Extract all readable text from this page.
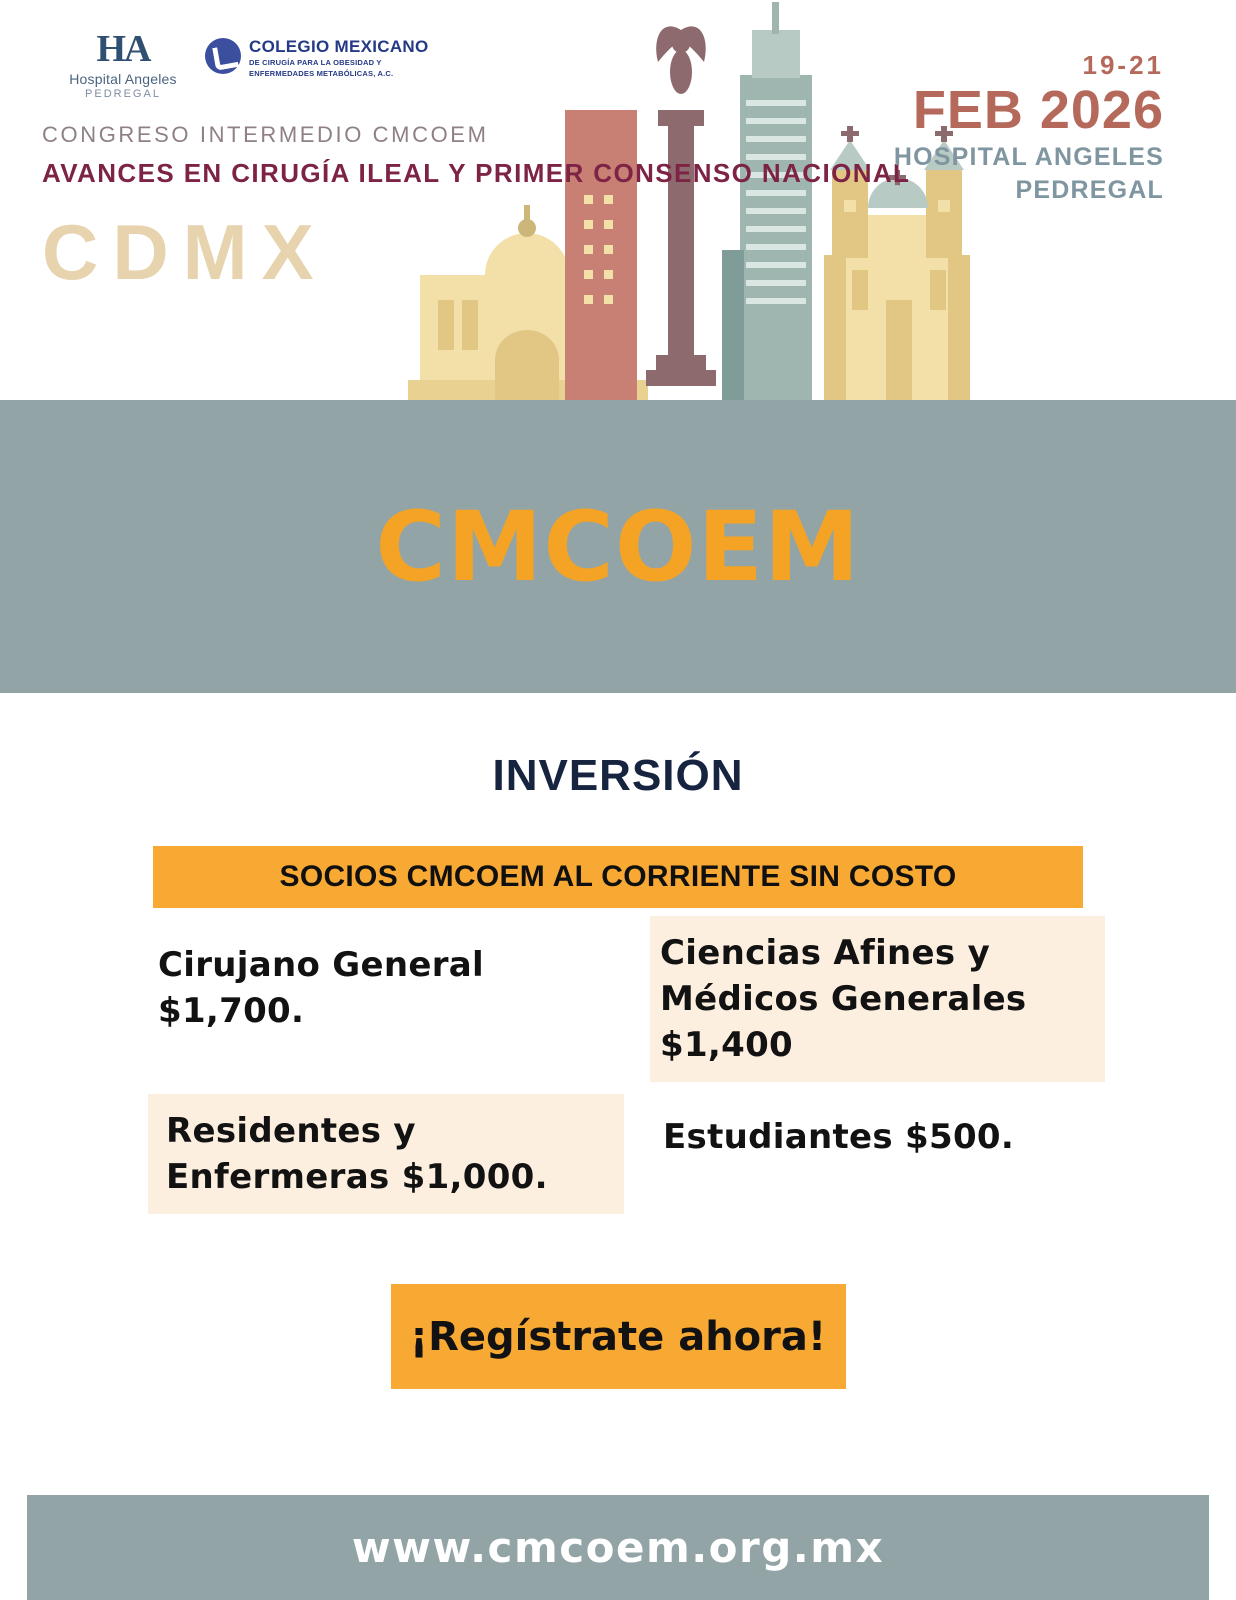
HA
Hospital Angeles
PEDREGAL
COLEGIO MEXICANO
DE CIRUGÍA PARA LA OBESIDAD Y
ENFERMEDADES METABÓLICAS, A.C.
CONGRESO INTERMEDIO CMCOEM
AVANCES EN CIRUGÍA ILEAL Y PRIMER CONSENSO NACIONAL
CDMX
19-21
FEB 2026
HOSPITAL ANGELES
PEDREGAL
CMCOEM
INVERSIÓN
SOCIOS CMCOEM AL CORRIENTE SIN COSTO
Cirujano General $1,700.
Ciencias Afines y Médicos Generales $1,400
Residentes y Enfermeras $1,000.
Estudiantes $500.
¡Regístrate ahora!
www.cmcoem.org.mx
